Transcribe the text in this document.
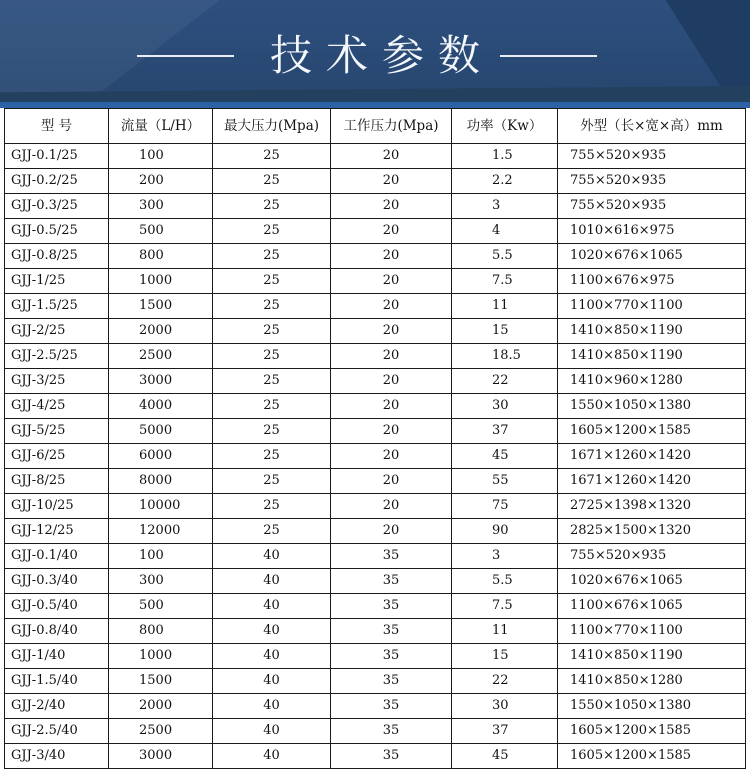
技术参数
型 号	流量（L/H）	最大压力(Mpa)	工作压力(Mpa)	功率（Kw）	外型（长×宽×高）mm
GJJ-0.1/25	100	25	20	1.5	755×520×935
GJJ-0.2/25	200	25	20	2.2	755×520×935
GJJ-0.3/25	300	25	20	3	755×520×935
GJJ-0.5/25	500	25	20	4	1010×616×975
GJJ-0.8/25	800	25	20	5.5	1020×676×1065
GJJ-1/25	1000	25	20	7.5	1100×676×975
GJJ-1.5/25	1500	25	20	11	1100×770×1100
GJJ-2/25	2000	25	20	15	1410×850×1190
GJJ-2.5/25	2500	25	20	18.5	1410×850×1190
GJJ-3/25	3000	25	20	22	1410×960×1280
GJJ-4/25	4000	25	20	30	1550×1050×1380
GJJ-5/25	5000	25	20	37	1605×1200×1585
GJJ-6/25	6000	25	20	45	1671×1260×1420
GJJ-8/25	8000	25	20	55	1671×1260×1420
GJJ-10/25	10000	25	20	75	2725×1398×1320
GJJ-12/25	12000	25	20	90	2825×1500×1320
GJJ-0.1/40	100	40	35	3	755×520×935
GJJ-0.3/40	300	40	35	5.5	1020×676×1065
GJJ-0.5/40	500	40	35	7.5	1100×676×1065
GJJ-0.8/40	800	40	35	11	1100×770×1100
GJJ-1/40	1000	40	35	15	1410×850×1190
GJJ-1.5/40	1500	40	35	22	1410×850×1280
GJJ-2/40	2000	40	35	30	1550×1050×1380
GJJ-2.5/40	2500	40	35	37	1605×1200×1585
GJJ-3/40	3000	40	35	45	1605×1200×1585
